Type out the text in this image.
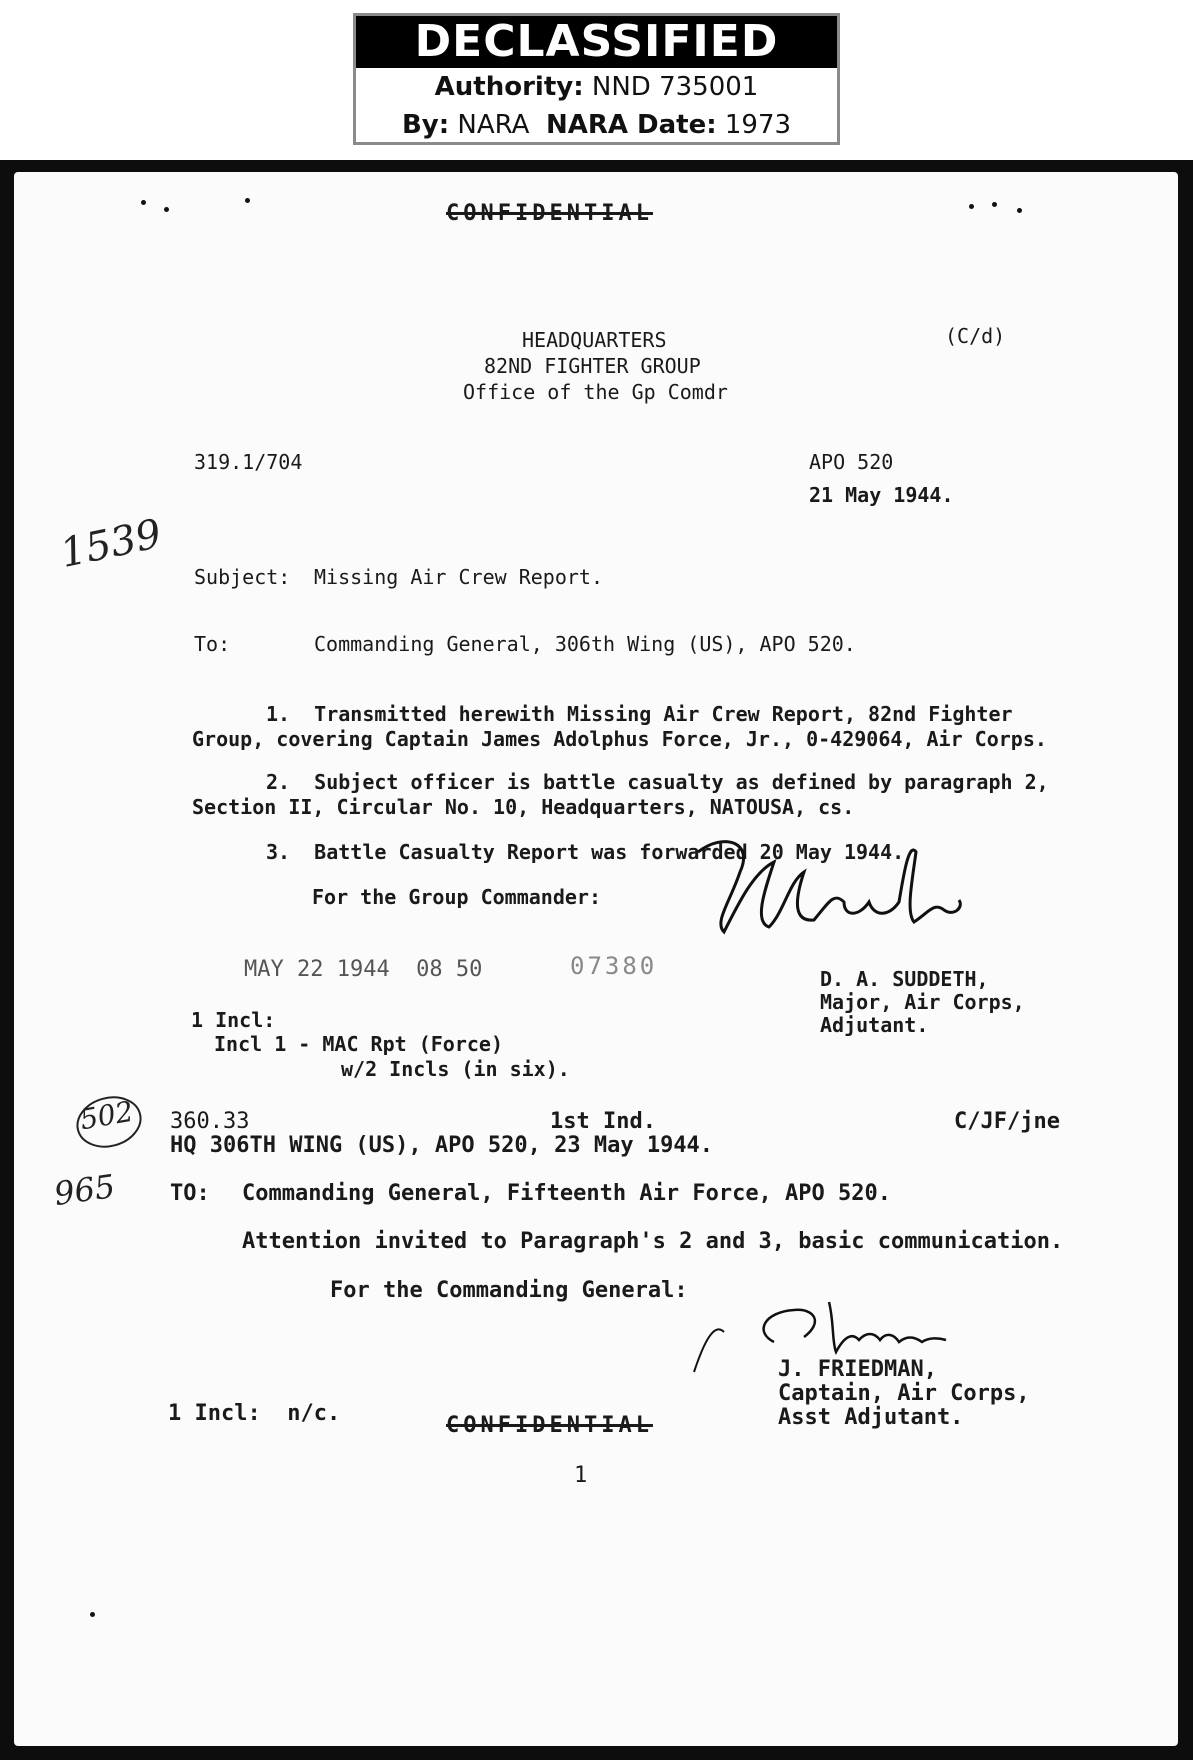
DECLASSIFIED
Authority: NND 735001
By: NARA NARA Date: 1973
CONFIDENTIAL
HEADQUARTERS
82ND FIGHTER GROUP
Office of the Gp Comdr
(C/d)
319.1/704	APO 520
21 May 1944.
1539 Subject: Missing Air Crew Report.
To:	Commanding General, 306th Wing (US), APO 520.
1.  Transmitted herewith Missing Air Crew Report, 82nd Fighter
Group, covering Captain James Adolphus Force, Jr., 0-429064, Air Corps.
2.  Subject officer is battle casualty as defined by paragraph 2,
Section II, Circular No. 10, Headquarters, NATOUSA, cs.
3.  Battle Casualty Report was forwarded 20 May 1944.
For the Group Commander:
MAY 22 1944  08 50	07380	D. A. SUDDETH,
Major, Air Corps,
Adjutant.
1 Incl:
Incl 1 - MAC Rpt (Force)
w/2 Incls (in six).
502
965
360.33	1st Ind.	C/JF/jne
HQ 306TH WING (US), APO 520, 23 May 1944.
TO: Commanding General, Fifteenth Air Force, APO 520.
Attention invited to Paragraph's 2 and 3, basic communication.
For the Commanding General:
J. FRIEDMAN,
Captain, Air Corps,
Asst Adjutant.
1 Incl:  n/c.	CONFIDENTIAL
1
